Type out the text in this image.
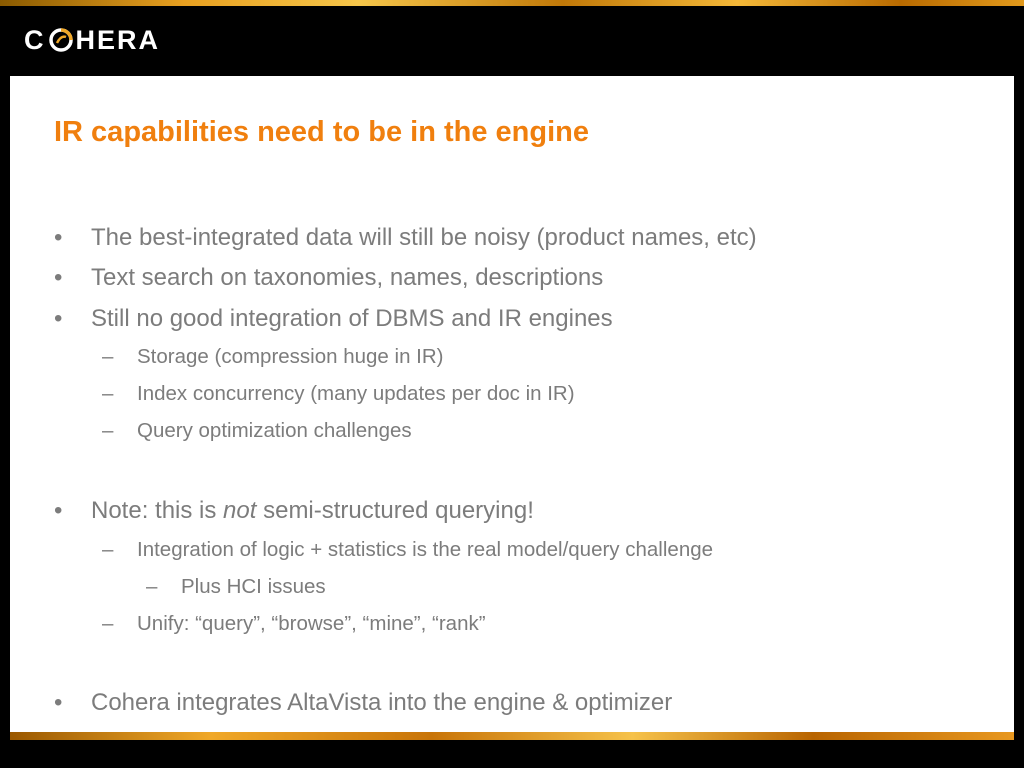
C HERA
IR capabilities need to be in the engine
• The best-integrated data will still be noisy (product names, etc)
• Text search on taxonomies, names, descriptions
• Still no good integration of DBMS and IR engines
– Storage (compression huge in IR)
– Index concurrency (many updates per doc in IR)
– Query optimization challenges
• Note: this is not semi-structured querying!
– Integration of logic + statistics is the real model/query challenge
– Plus HCI issues
– Unify: “query”, “browse”, “mine”, “rank”
• Cohera integrates AltaVista into the engine & optimizer
